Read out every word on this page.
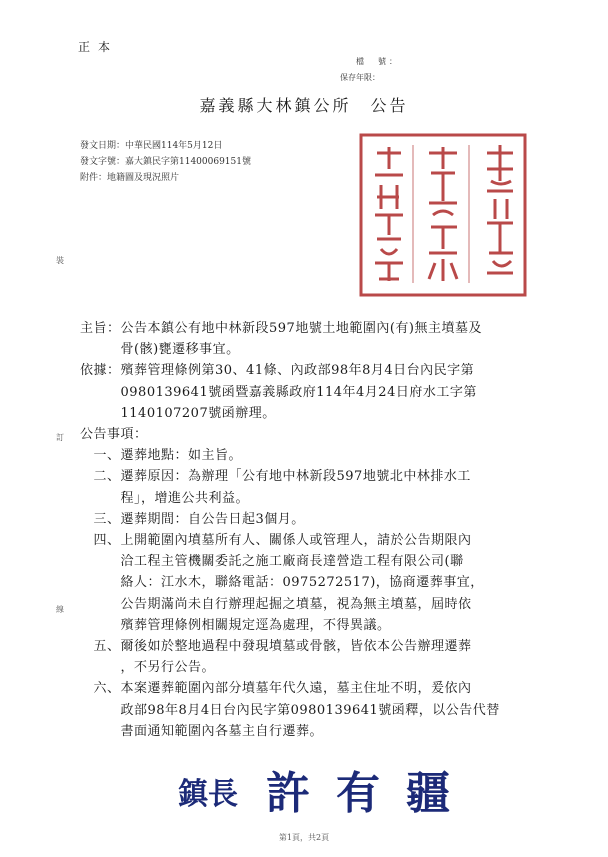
正本
檔　號：
保存年限：
嘉義縣大林鎮公所　公告
發文日期：中華民國114年5月12日
發文字號：嘉大鎮民字第11400069151號
附件：地籍圖及現況照片
裝
訂
線
主旨：公告本鎮公有地中林新段597地號土地範圍內(有)無主墳墓及
　　　骨(骸)甕遷移事宜。
依據：殯葬管理條例第30、41條、內政部98年8月4日台內民字第
　　　0980139641號函暨嘉義縣政府114年4月24日府水工字第
　　　1140107207號函辦理。
公告事項：
　一、遷葬地點：如主旨。
　二、遷葬原因：為辦理「公有地中林新段597地號北中林排水工
　　　程」，增進公共利益。
　三、遷葬期間：自公告日起3個月。
　四、上開範圍內墳墓所有人、關係人或管理人，請於公告期限內
　　　洽工程主管機關委託之施工廠商長達營造工程有限公司(聯
　　　絡人：江水木，聯絡電話：0975272517)，協商遷葬事宜，
　　　公告期滿尚未自行辦理起掘之墳墓，視為無主墳墓，屆時依
　　　殯葬管理條例相關規定逕為處理，不得異議。
　五、爾後如於整地過程中發現墳墓或骨骸，皆依本公告辦理遷葬
　　　，不另行公告。
　六、本案遷葬範圍內部分墳墓年代久遠，墓主住址不明，爰依內
　　　政部98年8月4日台內民字第0980139641號函釋，以公告代替
　　　書面通知範圍內各墓主自行遷葬。
鎮長 許有疆
第1頁，共2頁
